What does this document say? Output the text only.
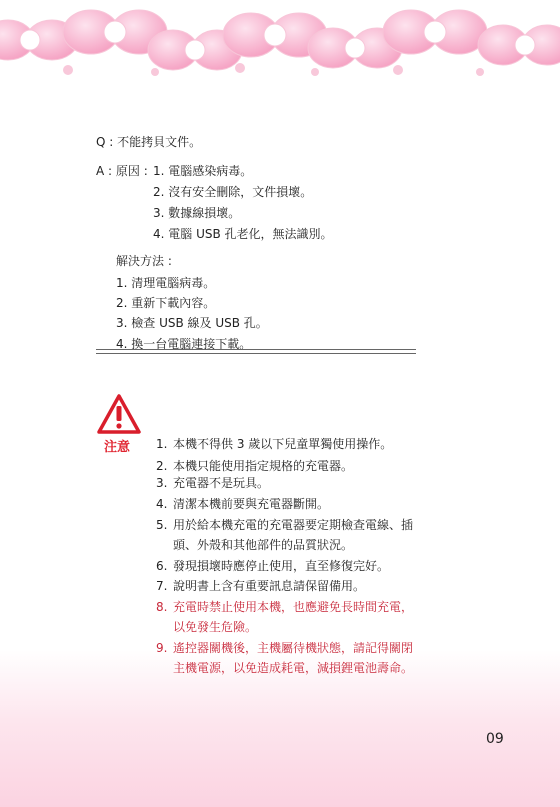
Q : 不能拷貝文件。
A : 原因 : 1. 電腦感染病毒。
2. 沒有安全刪除，文件損壞。
3. 數據線損壞。
4. 電腦 USB 孔老化，無法識別。
解決方法 :
1. 清理電腦病毒。
2. 重新下載內容。
3. 檢查 USB 線及 USB 孔。
4. 換一台電腦連接下載。
注意 1. 本機不得供 3 歲以下兒童單獨使用操作。
2. 本機只能使用指定規格的充電器。
3. 充電器不是玩具。
4. 清潔本機前要與充電器斷開。
5. 用於給本機充電的充電器要定期檢查電線、插
頭、外殼和其他部件的品質狀況。
6. 發現損壞時應停止使用，直至修復完好。
7. 說明書上含有重要訊息請保留備用。
8. 充電時禁止使用本機，也應避免長時間充電，
以免發生危險。
9. 遙控器關機後，主機屬待機狀態，請記得關閉
主機電源，以免造成耗電，減損鋰電池壽命。
09
